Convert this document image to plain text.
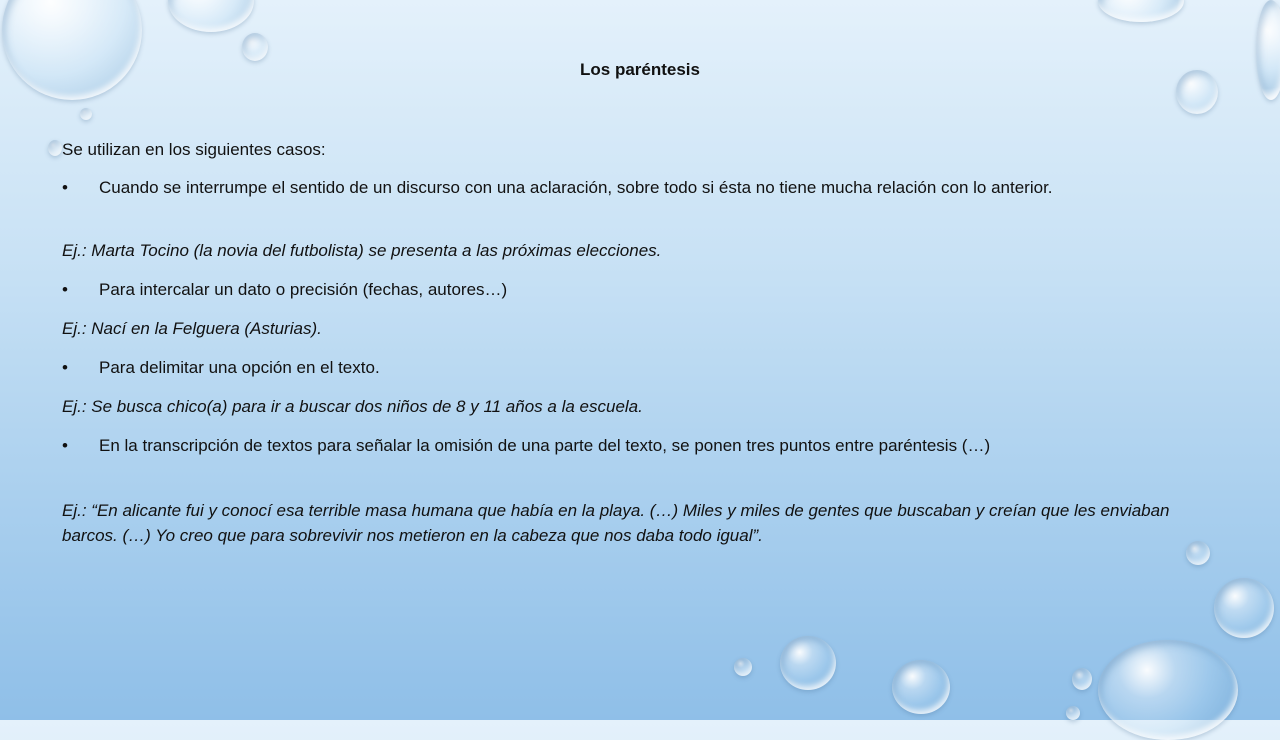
Los paréntesis
Se utilizan en los siguientes casos:
•	Cuando se interrumpe el sentido de un discurso con una aclaración, sobre todo si ésta no tiene mucha relación con lo anterior.
Ej.: Marta Tocino (la novia del futbolista) se presenta a las próximas elecciones.
•	Para intercalar un dato o precisión (fechas, autores…)
Ej.: Nací en la Felguera (Asturias).
•	Para delimitar una opción en el texto.
Ej.: Se busca chico(a) para ir a buscar dos niños de 8 y 11 años a la escuela.
•	En la transcripción de textos para señalar la omisión de una parte del texto, se ponen tres puntos entre paréntesis (…)
Ej.: “En alicante fui y conocí esa terrible masa humana que había en la playa. (…) Miles y miles de gentes que buscaban y creían que les enviaban barcos. (…) Yo creo que para sobrevivir nos metieron en la cabeza que nos daba todo igual”.
